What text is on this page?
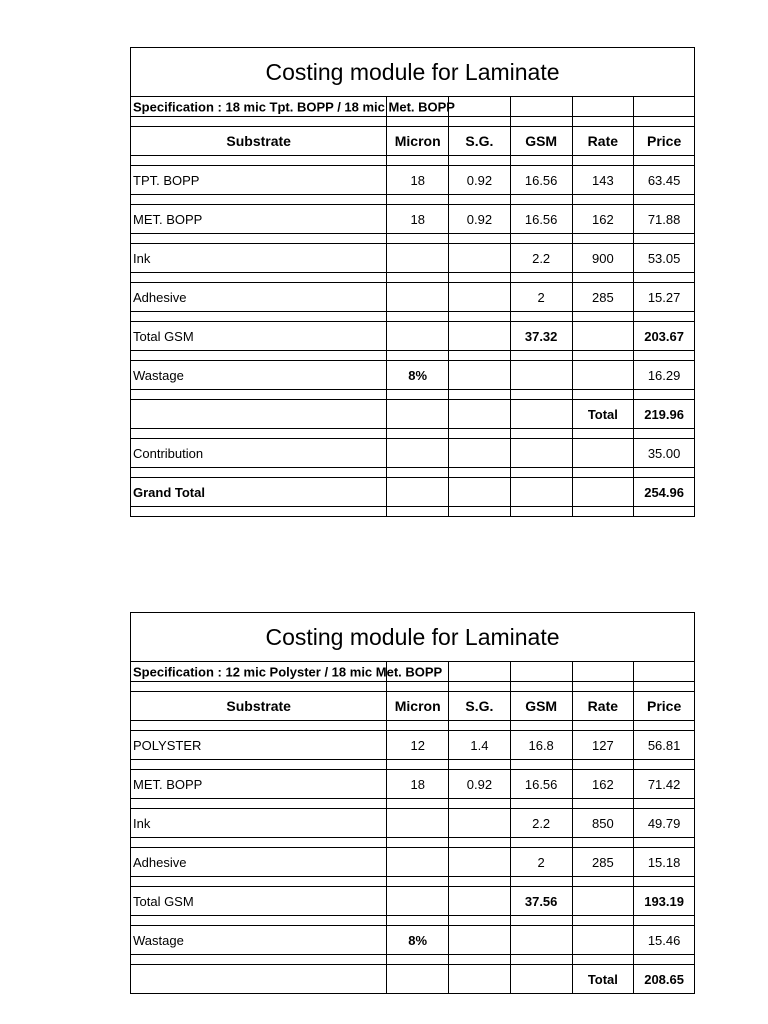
Costing module for Laminate					

Specification : 18 mic Tpt. BOPP / 18 mic Met. BOPP					

Substrate	Micron	S.G.	GSM	Rate	Price

TPT. BOPP	18	0.92	16.56	143	63.45

MET. BOPP	18	0.92	16.56	162	71.88

Ink			2.2	900	53.05

Adhesive			2	285	15.27

Total GSM			37.32		203.67

Wastage	8%				16.29

				Total	219.96

Contribution					35.00

Grand Total					254.96

Costing module for Laminate					

Specification : 12 mic Polyster / 18 mic Met. BOPP					

Substrate	Micron	S.G.	GSM	Rate	Price

POLYSTER	12	1.4	16.8	127	56.81

MET. BOPP	18	0.92	16.56	162	71.42

Ink			2.2	850	49.79

Adhesive			2	285	15.18

Total GSM			37.56		193.19

Wastage	8%				15.46

				Total	208.65
